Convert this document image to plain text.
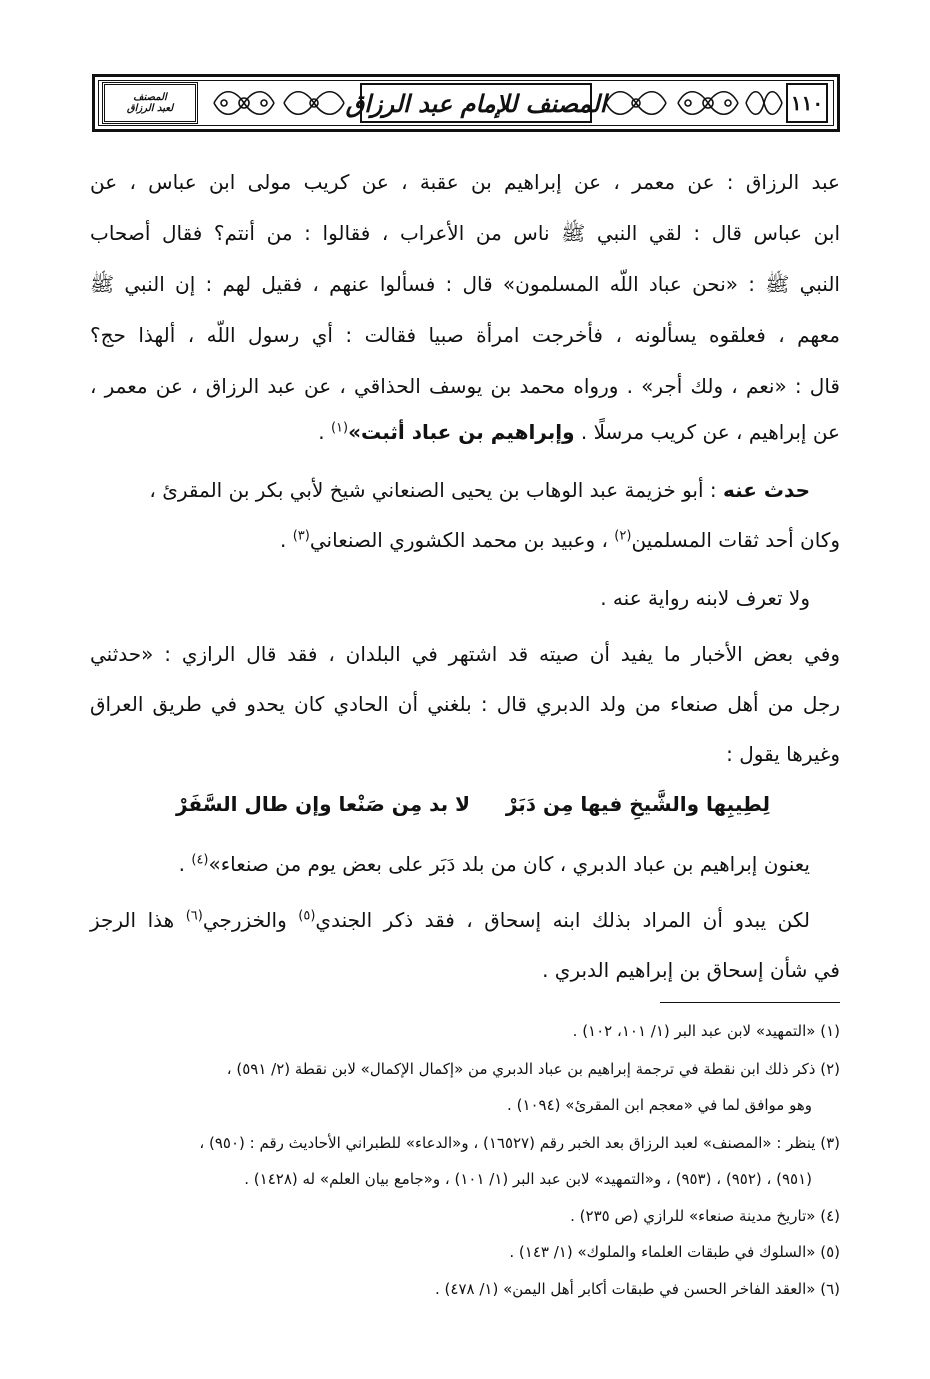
المصنف
لعبد الرزاق	المصنف للإمام عبد الرزاق	١١٠
عبد الرزاق : عن معمر ، عن إبراهيم بن عقبة ، عن كريب مولى ابن عباس ، عن
ابن عباس قال : لقي النبي ﷺ ناس من الأعراب ، فقالوا : من أنتم؟ فقال أصحاب
النبي ﷺ : «نحن عباد اللّه المسلمون» قال : فسألوا عنهم ، فقيل لهم : إن النبي ﷺ
معهم ، فعلقوه يسألونه ، فأخرجت امرأة صبيا فقالت : أي رسول اللّه ، ألهذا حج؟
قال : «نعم ، ولك أجر» . ورواه محمد بن يوسف الحذاقي ، عن عبد الرزاق ، عن معمر ،
عن إبراهيم ، عن كريب مرسلًا . وإبراهيم بن عباد أثبت»$^{(١)}$ .
حدث عنه : أبو خزيمة عبد الوهاب بن يحيى الصنعاني شيخ لأبي بكر بن المقرئ ،
وكان أحد ثقات المسلمين$^{(٢)}$ ، وعبيد بن محمد الكشوري الصنعاني$^{(٣)}$ .
ولا تعرف لابنه رواية عنه .
وفي بعض الأخبار ما يفيد أن صيته قد اشتهر في البلدان ، فقد قال الرازي : «حدثني
رجل من أهل صنعاء من ولد الدبري قال : بلغني أن الحادي كان يحدو في طريق العراق
وغيرها يقول :
لا بد مِن صَنْعا وإن طال السَّفَرْ لِطِيبِها والشَّيخِ فيها مِن دَبَرْ
يعنون إبراهيم بن عباد الدبري ، كان من بلد دَبَر على بعض يوم من صنعاء»$^{(٤)}$ .
لكن يبدو أن المراد بذلك ابنه إسحاق ، فقد ذكر الجندي$^{(٥)}$ والخزرجي$^{(٦)}$ هذا الرجز
في شأن إسحاق بن إبراهيم الدبري .
(١) «التمهيد» لابن عبد البر (١/ ١٠١، ١٠٢) .
(٢) ذكر ذلك ابن نقطة في ترجمة إبراهيم بن عباد الدبري من «إكمال الإكمال» لابن نقطة (٢/ ٥٩١) ،
وهو موافق لما في «معجم ابن المقرئ» (١٠٩٤) .
(٣) ينظر : «المصنف» لعبد الرزاق بعد الخبر رقم (١٦٥٢٧) ، و«الدعاء» للطبراني الأحاديث رقم : (٩٥٠) ،
(٩٥١) ، (٩٥٢) ، (٩٥٣) ، و«التمهيد» لابن عبد البر (١/ ١٠١) ، و«جامع بيان العلم» له (١٤٢٨) .
(٤) «تاريخ مدينة صنعاء» للرازي (ص ٢٣٥) .
(٥) «السلوك في طبقات العلماء والملوك» (١/ ١٤٣) .
(٦) «العقد الفاخر الحسن في طبقات أكابر أهل اليمن» (١/ ٤٧٨) .
